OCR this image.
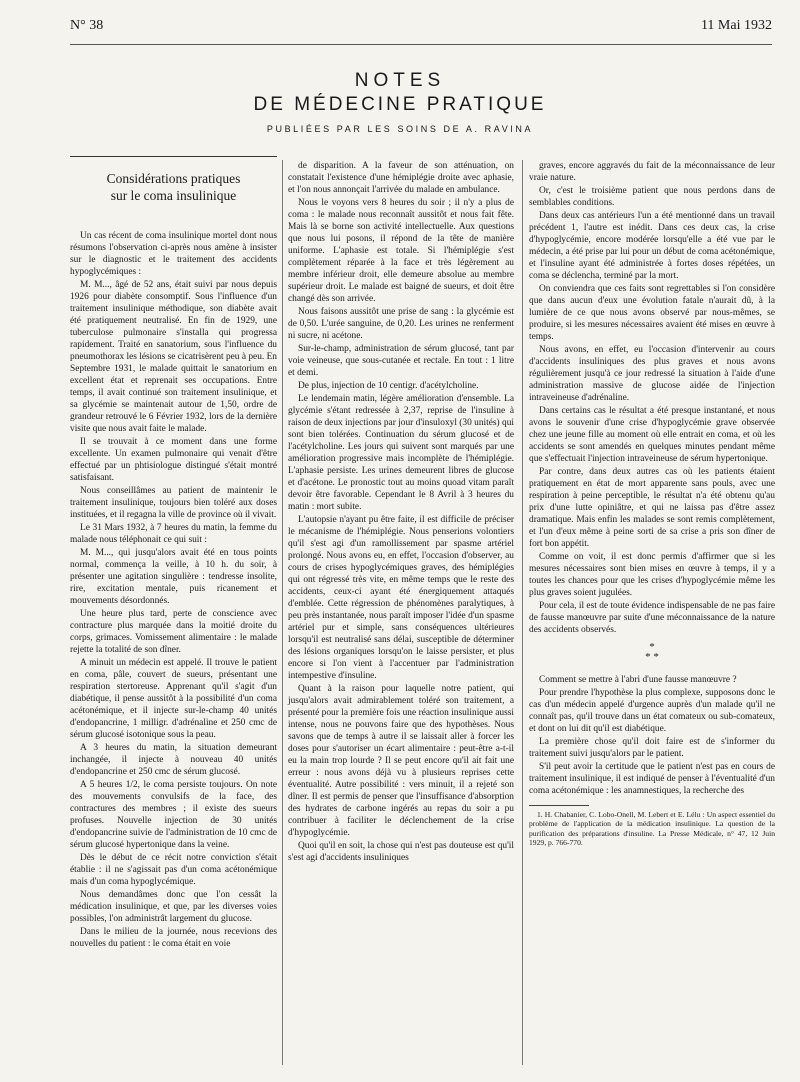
N° 38	11 Mai 1932
NOTES
DE MÉDECINE PRATIQUE
PUBLIÉES PAR LES SOINS DE A. RAVINA
Considérations pratiques
sur le coma insulinique

Un cas récent de coma insulinique mortel dont nous résumons l'observation ci-après nous amène à insister sur le diagnostic et le traitement des accidents hypoglycémiques :

M. M..., âgé de 52 ans, était suivi par nous depuis 1926 pour diabète consomptif. Sous l'influence d'un traitement insulinique méthodique, son diabète avait été pratiquement neutralisé. En fin de 1929, une tuberculose pulmonaire s'installa qui progressa rapidement. Traité en sanatorium, sous l'influence du pneumothorax les lésions se cicatrisèrent peu à peu. En Septembre 1931, le malade quittait le sanatorium en excellent état et reprenait ses occupations. Entre temps, il avait continué son traitement insulinique, et sa glycémie se maintenait autour de 1,50, ordre de grandeur retrouvé le 6 Février 1932, lors de la dernière visite que nous avait faite le malade.

Il se trouvait à ce moment dans une forme excellente. Un examen pulmonaire qui venait d'être effectué par un phtisiologue distingué s'était montré satisfaisant.

Nous conseillâmes au patient de maintenir le traitement insulinique, toujours bien toléré aux doses instituées, et il regagna la ville de province où il vivait.

Le 31 Mars 1932, à 7 heures du matin, la femme du malade nous téléphonait ce qui suit :

M. M..., qui jusqu'alors avait été en tous points normal, commença la veille, à 10 h. du soir, à présenter une agitation singulière : tendresse insolite, rire, excitation mentale, puis ricanement et mouvements désordonnés.

Une heure plus tard, perte de conscience avec contracture plus marquée dans la moitié droite du corps, grimaces. Vomissement alimentaire : le malade rejette la totalité de son dîner.

A minuit un médecin est appelé. Il trouve le patient en coma, pâle, couvert de sueurs, présentant une respiration stertoreuse. Apprenant qu'il s'agit d'un diabétique, il pense aussitôt à la possibilité d'un coma acétonémique, et il injecte sur-le-champ 40 unités d'endopancrine, 1 milligr. d'adrénaline et 250 cmc de sérum glucosé isotonique sous la peau.

A 3 heures du matin, la situation demeurant inchangée, il injecte à nouveau 40 unités d'endopancrine et 250 cmc de sérum glucosé.

A 5 heures 1/2, le coma persiste toujours. On note des mouvements convulsifs de la face, des contractures des membres ; il existe des sueurs profuses. Nouvelle injection de 30 unités d'endopancrine suivie de l'administration de 10 cmc de sérum glucosé hypertonique dans la veine.

Dès le début de ce récit notre conviction s'était établie : il ne s'agissait pas d'un coma acétonémique mais d'un coma hypoglycémique.

Nous demandâmes donc que l'on cessât la médication insulinique, et que, par les diverses voies possibles, l'on administrât largement du glucose.

Dans le milieu de la journée, nous recevions des nouvelles du patient : le coma était en voie

de disparition. A la faveur de son atténuation, on constatait l'existence d'une hémiplégie droite avec aphasie, et l'on nous annonçait l'arrivée du malade en ambulance.

Nous le voyons vers 8 heures du soir ; il n'y a plus de coma : le malade nous reconnaît aussitôt et nous fait fête. Mais là se borne son activité intellectuelle. Aux questions que nous lui posons, il répond de la tête de manière uniforme. L'aphasie est totale. Si l'hémiplégie s'est complètement réparée à la face et très légèrement au membre inférieur droit, elle demeure absolue au membre supérieur droit. Le malade est baigné de sueurs, et doit être changé dès son arrivée.

Nous faisons aussitôt une prise de sang : la glycémie est de 0,50. L'urée sanguine, de 0,20. Les urines ne renferment ni sucre, ni acétone.

Sur-le-champ, administration de sérum glucosé, tant par voie veineuse, que sous-cutanée et rectale. En tout : 1 litre et demi.

De plus, injection de 10 centigr. d'acétylcholine.

Le lendemain matin, légère amélioration d'ensemble. La glycémie s'étant redressée à 2,37, reprise de l'insuline à raison de deux injections par jour d'insuloxyl (30 unités) qui sont bien tolérées. Continuation du sérum glucosé et de l'acétylcholine. Les jours qui suivent sont marqués par une amélioration progressive mais incomplète de l'hémiplégie. L'aphasie persiste. Les urines demeurent libres de glucose et d'acétone. Le pronostic tout au moins quoad vitam paraît devoir être favorable. Cependant le 8 Avril à 3 heures du matin : mort subite.

L'autopsie n'ayant pu être faite, il est difficile de préciser le mécanisme de l'hémiplégie. Nous penserions volontiers qu'il s'est agi d'un ramollissement par spasme artériel prolongé. Nous avons eu, en effet, l'occasion d'observer, au cours de crises hypoglycémiques graves, des hémiplégies qui ont régressé très vite, en même temps que le reste des accidents, ceux-ci ayant été énergiquement attaqués d'emblée. Cette régression de phénomènes paralytiques, à peu près instantanée, nous paraît imposer l'idée d'un spasme artériel pur et simple, sans conséquences ultérieures lorsqu'il est neutralisé sans délai, susceptible de déterminer des lésions organiques lorsqu'on le laisse persister, et plus encore si l'on vient à l'accentuer par l'administration intempestive d'insuline.

Quant à la raison pour laquelle notre patient, qui jusqu'alors avait admirablement toléré son traitement, a présenté pour la première fois une réaction insulinique aussi intense, nous ne pouvons faire que des hypothèses. Nous savons que de temps à autre il se laissait aller à forcer les doses pour s'autoriser un écart alimentaire : peut-être a-t-il eu la main trop lourde ? Il se peut encore qu'il ait fait une erreur : nous avons déjà vu à plusieurs reprises cette éventualité. Autre possibilité : vers minuit, il a rejeté son dîner. Il est permis de penser que l'insuffisance d'absorption des hydrates de carbone ingérés au repas du soir a pu contribuer à faciliter le déclenchement de la crise d'hypoglycémie.

Quoi qu'il en soit, la chose qui n'est pas douteuse est qu'il s'est agi d'accidents insuliniques

graves, encore aggravés du fait de la méconnaissance de leur vraie nature.

Or, c'est le troisième patient que nous perdons dans de semblables conditions.

Dans deux cas antérieurs l'un a été mentionné dans un travail précédent 1, l'autre est inédit. Dans ces deux cas, la crise d'hypoglycémie, encore modérée lorsqu'elle a été vue par le médecin, a été prise par lui pour un début de coma acétonémique, et l'insuline ayant été administrée à fortes doses répétées, un coma se déclencha, terminé par la mort.

On conviendra que ces faits sont regrettables si l'on considère que dans aucun d'eux une évolution fatale n'aurait dû, à la lumière de ce que nous avons observé par nous-mêmes, se produire, si les mesures nécessaires avaient été mises en œuvre à temps.

Nous avons, en effet, eu l'occasion d'intervenir au cours d'accidents insuliniques des plus graves et nous avons régulièrement jusqu'à ce jour redressé la situation à l'aide d'une administration massive de glucose aidée de l'injection intraveineuse d'adrénaline.

Dans certains cas le résultat a été presque instantané, et nous avons le souvenir d'une crise d'hypoglycémie grave observée chez une jeune fille au moment où elle entrait en coma, et où les accidents se sont amendés en quelques minutes pendant même que s'effectuait l'injection intraveineuse de sérum hypertonique.

Par contre, dans deux autres cas où les patients étaient pratiquement en état de mort apparente sans pouls, avec une respiration à peine perceptible, le résultat n'a été obtenu qu'au prix d'une lutte opiniâtre, et qui ne laissa pas d'être assez dramatique. Mais enfin les malades se sont remis complètement, et l'un d'eux même à peine sorti de sa crise a pris son dîner de fort bon appétit.

Comme on voit, il est donc permis d'affirmer que si les mesures nécessaires sont bien mises en œuvre à temps, il y a toutes les chances pour que les crises d'hypoglycémie même les plus graves soient jugulées.

Pour cela, il est de toute évidence indispensable de ne pas faire de fausse manœuvre par suite d'une méconnaissance de la nature des accidents observés.

*
* *

Comment se mettre à l'abri d'une fausse manœuvre ?

Pour prendre l'hypothèse la plus complexe, supposons donc le cas d'un médecin appelé d'urgence auprès d'un malade qu'il ne connaît pas, qu'il trouve dans un état comateux ou sub-comateux, et dont on lui dit qu'il est diabétique.

La première chose qu'il doit faire est de s'informer du traitement suivi jusqu'alors par le patient.

S'il peut avoir la certitude que le patient n'est pas en cours de traitement insulinique, il est indiqué de penser à l'éventualité d'un coma acétonémique : les anamnestiques, la recherche des

1. H. Chabanier, C. Lobo-Onell, M. Lebert et E. Lélu : Un aspect essentiel du problème de l'application de la médication insulinique. La question de la purification des préparations d'insuline. La Presse Médicale, n° 47, 12 Juin 1929, p. 766-770.
